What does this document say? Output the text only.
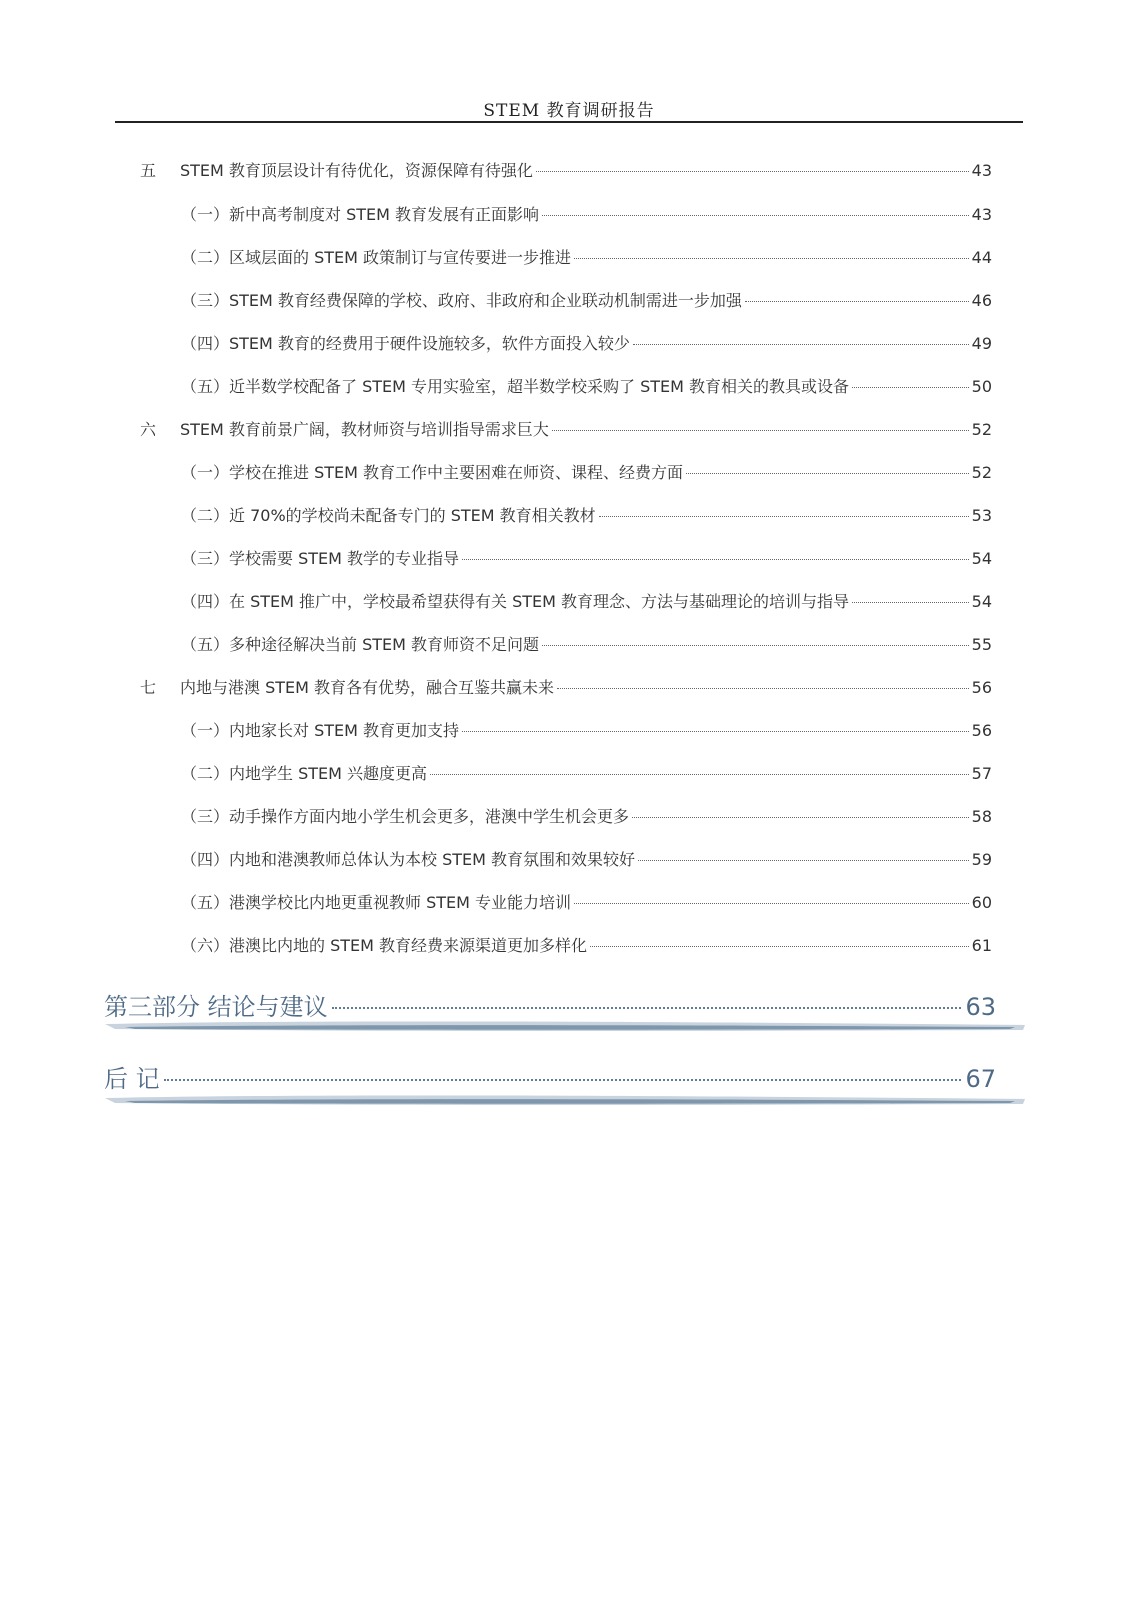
STEM 教育调研报告
五	STEM 教育顶层设计有待优化，资源保障有待强化	43
（一）新中高考制度对 STEM 教育发展有正面影响	43
（二）区域层面的 STEM 政策制订与宣传要进一步推进	44
（三）STEM 教育经费保障的学校、政府、非政府和企业联动机制需进一步加强	46
（四）STEM 教育的经费用于硬件设施较多，软件方面投入较少	49
（五）近半数学校配备了 STEM 专用实验室，超半数学校采购了 STEM 教育相关的教具或设备	50
六	STEM 教育前景广阔，教材师资与培训指导需求巨大	52
（一）学校在推进 STEM 教育工作中主要困难在师资、课程、经费方面	52
（二）近 70%的学校尚未配备专门的 STEM 教育相关教材	53
（三）学校需要 STEM 教学的专业指导	54
（四）在 STEM 推广中，学校最希望获得有关 STEM 教育理念、方法与基础理论的培训与指导	54
（五）多种途径解决当前 STEM 教育师资不足问题	55
七	内地与港澳 STEM 教育各有优势，融合互鉴共赢未来	56
（一）内地家长对 STEM 教育更加支持	56
（二）内地学生 STEM 兴趣度更高	57
（三）动手操作方面内地小学生机会更多，港澳中学生机会更多	58
（四）内地和港澳教师总体认为本校 STEM 教育氛围和效果较好	59
（五）港澳学校比内地更重视教师 STEM 专业能力培训	60
（六）港澳比内地的 STEM 教育经费来源渠道更加多样化	61
第三部分 结论与建议	63
后 记	67
